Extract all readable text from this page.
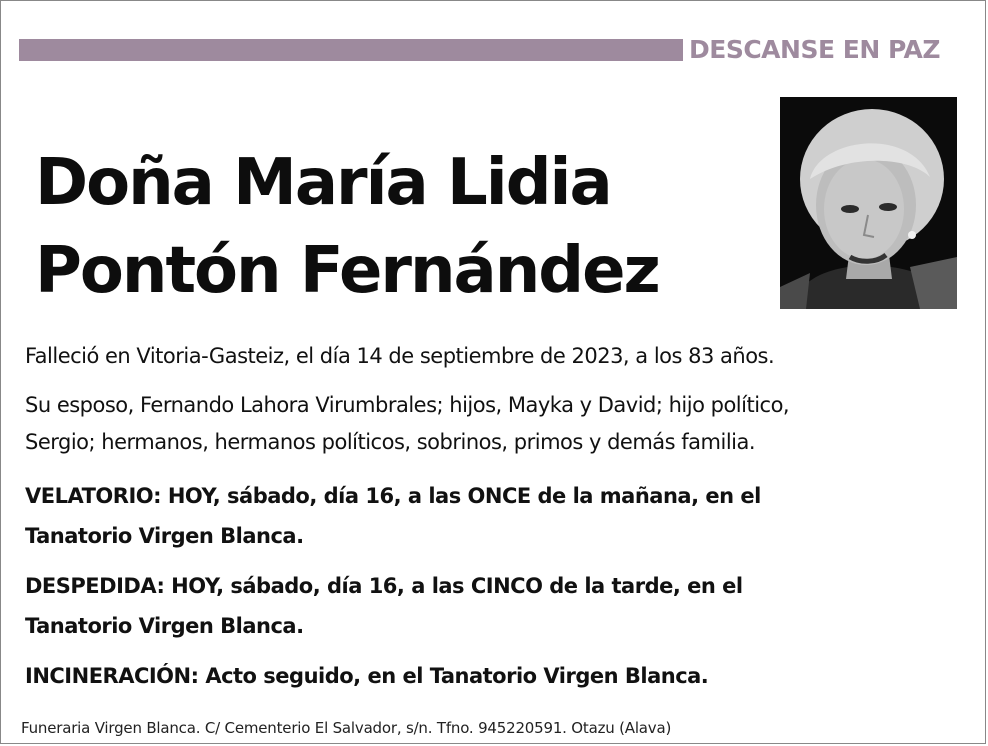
DESCANSE EN PAZ
Doña María Lidia
Pontón Fernández
Falleció en Vitoria-Gasteiz, el día 14 de septiembre de 2023, a los 83 años.
Su esposo, Fernando Lahora Virumbrales; hijos, Mayka y David; hijo político,
Sergio; hermanos, hermanos políticos, sobrinos, primos y demás familia.
VELATORIO: HOY, sábado, día 16, a las ONCE de la mañana, en el
Tanatorio Virgen Blanca.
DESPEDIDA: HOY, sábado, día 16, a las CINCO de la tarde, en el
Tanatorio Virgen Blanca.
INCINERACIÓN: Acto seguido, en el Tanatorio Virgen Blanca.
Funeraria Virgen Blanca. C/ Cementerio El Salvador, s/n. Tfno. 945220591. Otazu (Alava)
